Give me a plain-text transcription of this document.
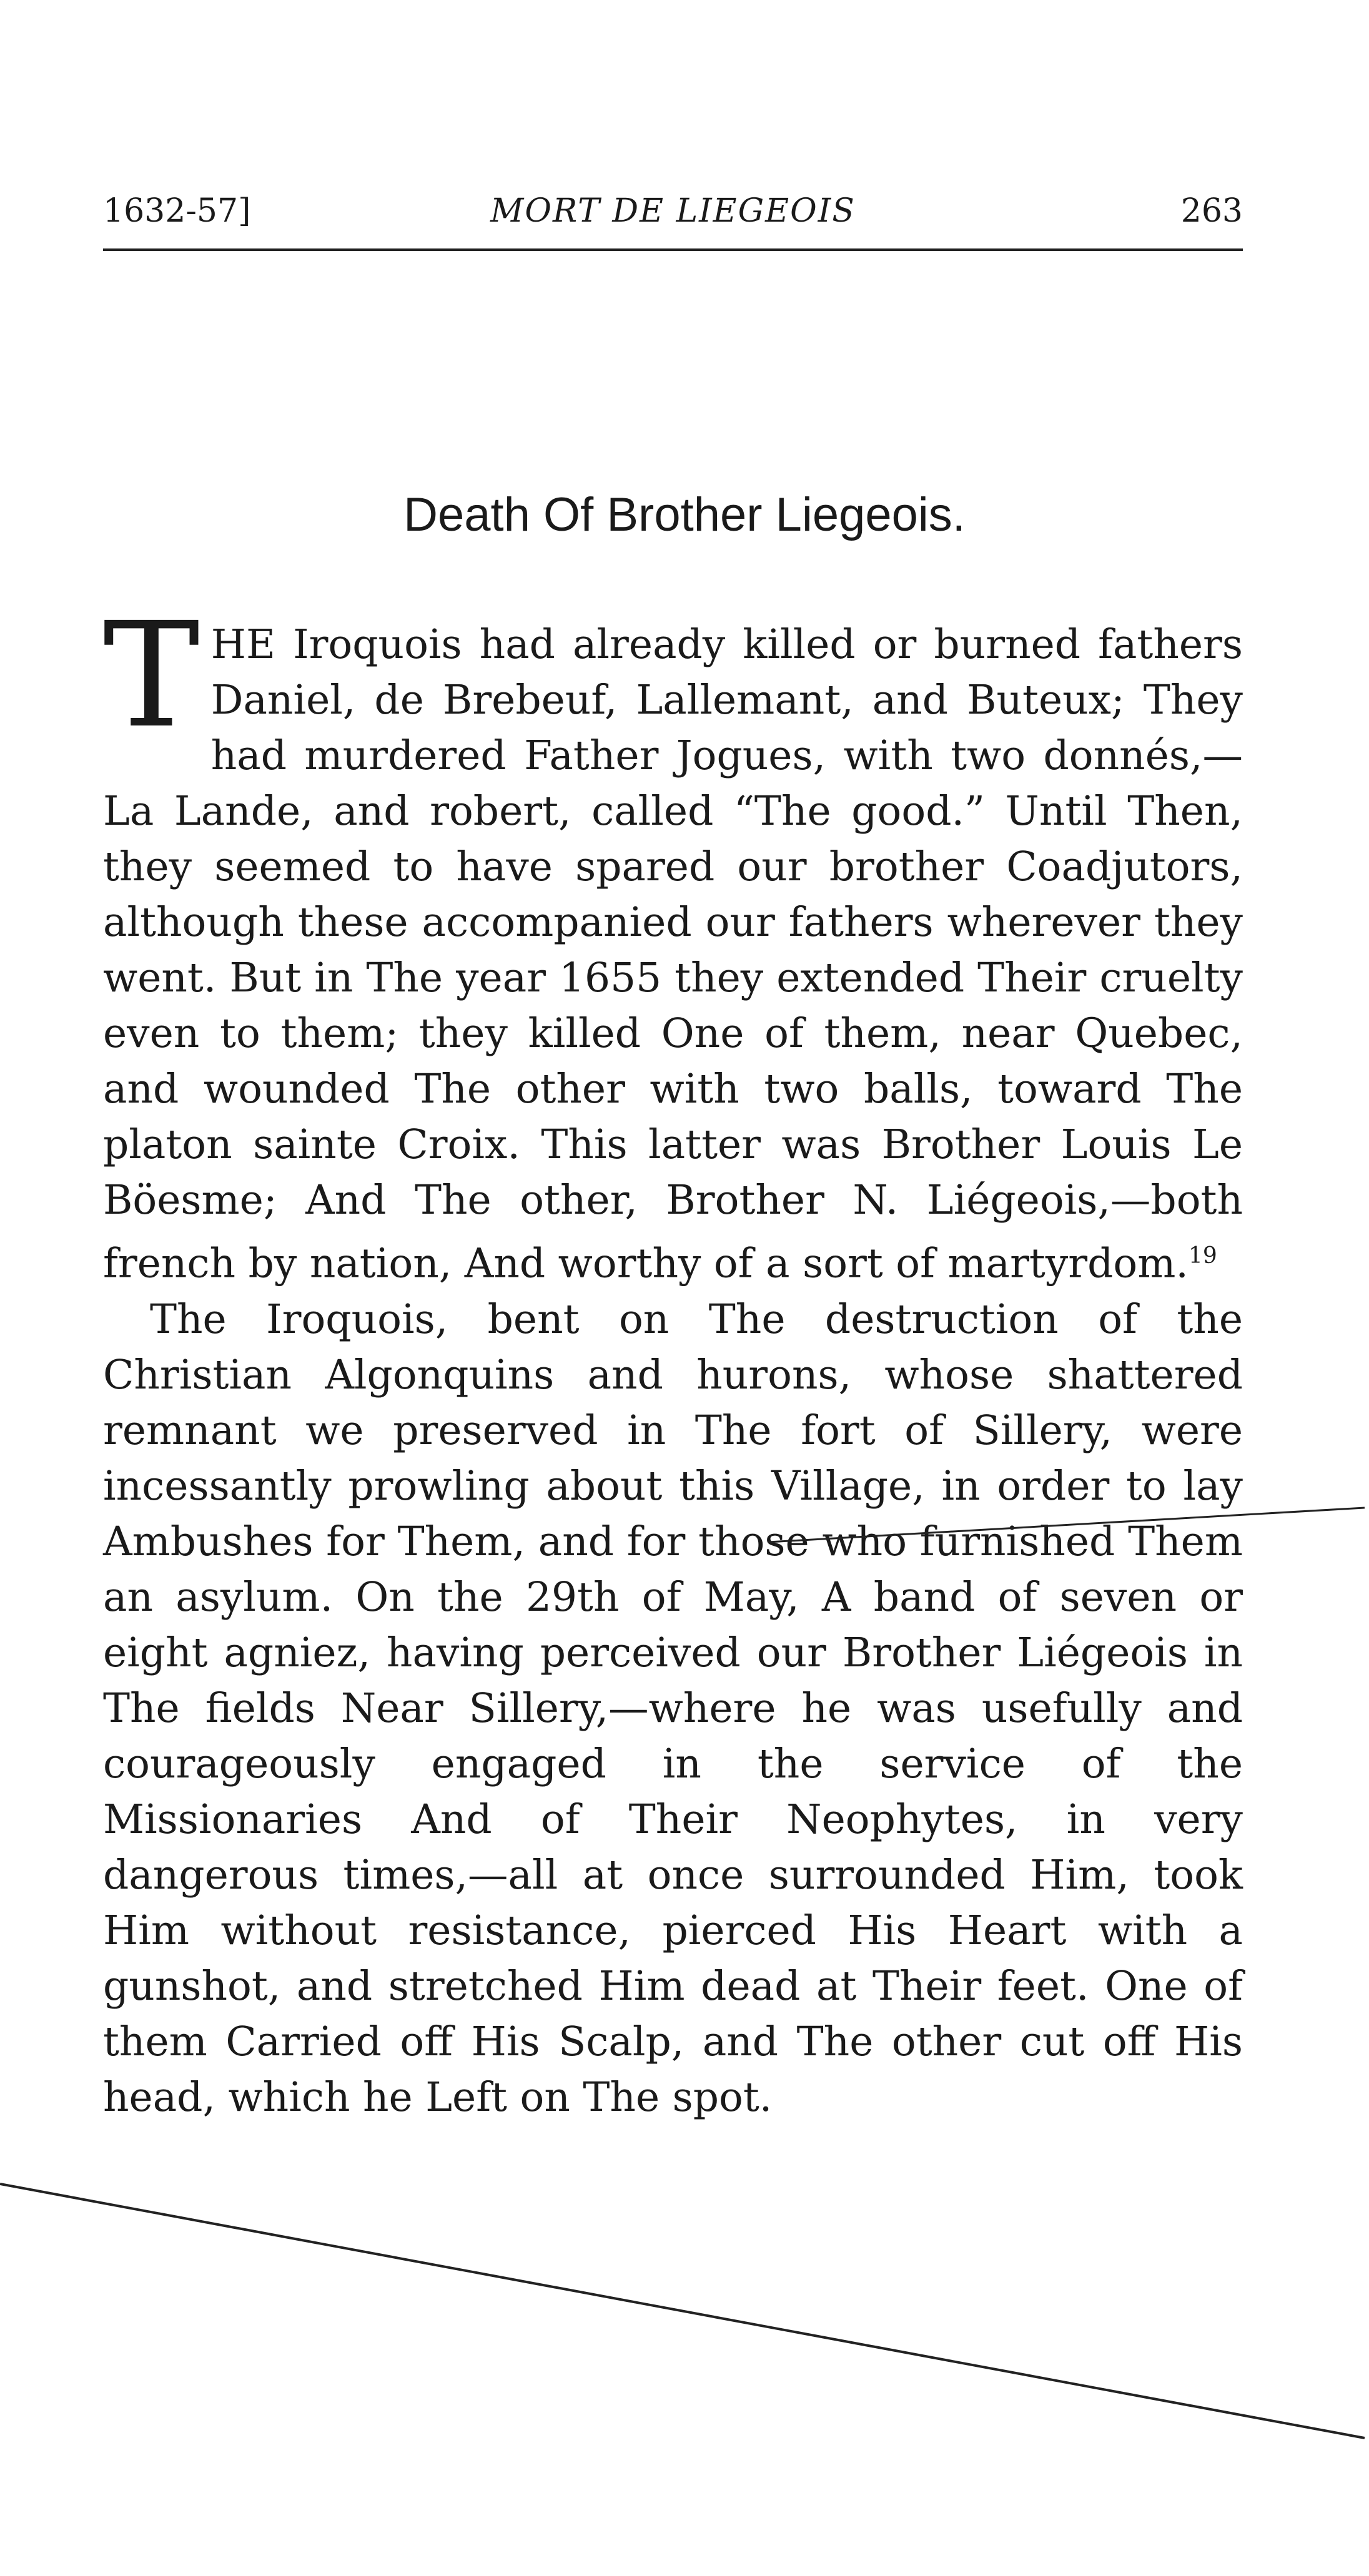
1632-57]	MORT DE LIEGEOIS	263
Death Of Brother Liegeois.

T HE Iroquois had already killed or burned fathers Daniel, de Brebeuf, Lallemant, and Buteux; They had murdered Father Jogues, with two donnés,— La Lande, and robert, called “The good.” Until Then, they seemed to have spared our brother Coadjutors, although these accompanied our fathers wherever they went. But in The year 1655 they extended Their cruelty even to them; they killed One of them, near Quebec, and wounded The other with two balls, toward The platon sainte Croix. This latter was Brother Louis Le Böesme; And The other, Brother N. Liégeois,—both french by nation, And worthy of a sort of martyrdom.$^{19}$

The Iroquois, bent on The destruction of the Christian Algonquins and hurons, whose shattered remnant we preserved in The fort of Sillery, were incessantly prowling about this Village, in order to lay Ambushes for Them, and for those who furnished Them an asylum. On the 29th of May, A band of seven or eight agniez, having perceived our Brother Liégeois in The fields Near Sillery,—where he was usefully and courageously engaged in the service of the Missionaries And of Their Neophytes, in very dangerous times,—all at once surrounded Him, took Him without resistance, pierced His Heart with a gunshot, and stretched Him dead at Their feet. One of them Carried off His Scalp, and The other cut off His head, which he Left on The spot.
